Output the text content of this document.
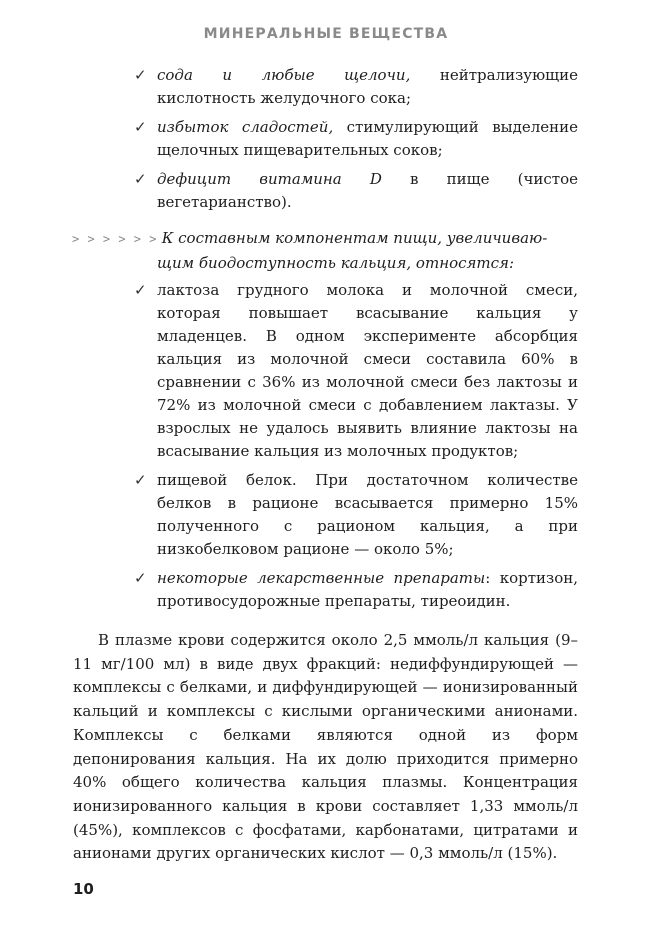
МИНЕРАЛЬНЫЕ ВЕЩЕСТВА
✓ сода и любые щелочи, нейтрализующие кислотность желудочного сока;
✓ избыток сладостей, стимулирующий выделение щелочных пищеварительных соков;
✓ дефицит витамина D в пище (чистое вегетарианство).
> > > > > > К составным компонентам пищи, увеличиваю-
щим биодоступность кальция, относятся:
✓ лактоза грудного молока и молочной смеси, которая повышает всасывание кальция у младенцев. В одном эксперименте абсорбция кальция из молочной смеси составила 60% в сравнении с 36% из молочной смеси без лактозы и 72% из молочной смеси с добавлением лактазы. У взрослых не удалось выявить влияние лактозы на всасывание кальция из молочных продуктов;
✓ пищевой белок. При достаточном количестве белков в рационе всасывается примерно 15% полученного с рационом кальция, а при низкобелковом рационе — около 5%;
✓ некоторые лекарственные препараты: кортизон, противосудорожные препараты, тиреоидин.

В плазме крови содержится около 2,5 ммоль/л кальция (9–11 мг/100 мл) в виде двух фракций: недиффундирующей — комплексы с белками, и диффундирующей — ионизированный кальций и комплексы с кислыми органическими анионами. Комплексы с белками являются одной из форм депонирования кальция. На их долю приходится примерно 40% общего количества кальция плазмы. Концентрация ионизированного кальция в крови составляет 1,33 ммоль/л (45%), комплексов с фосфатами, карбонатами, цитратами и анионами других органических кислот — 0,3 ммоль/л (15%).

10
